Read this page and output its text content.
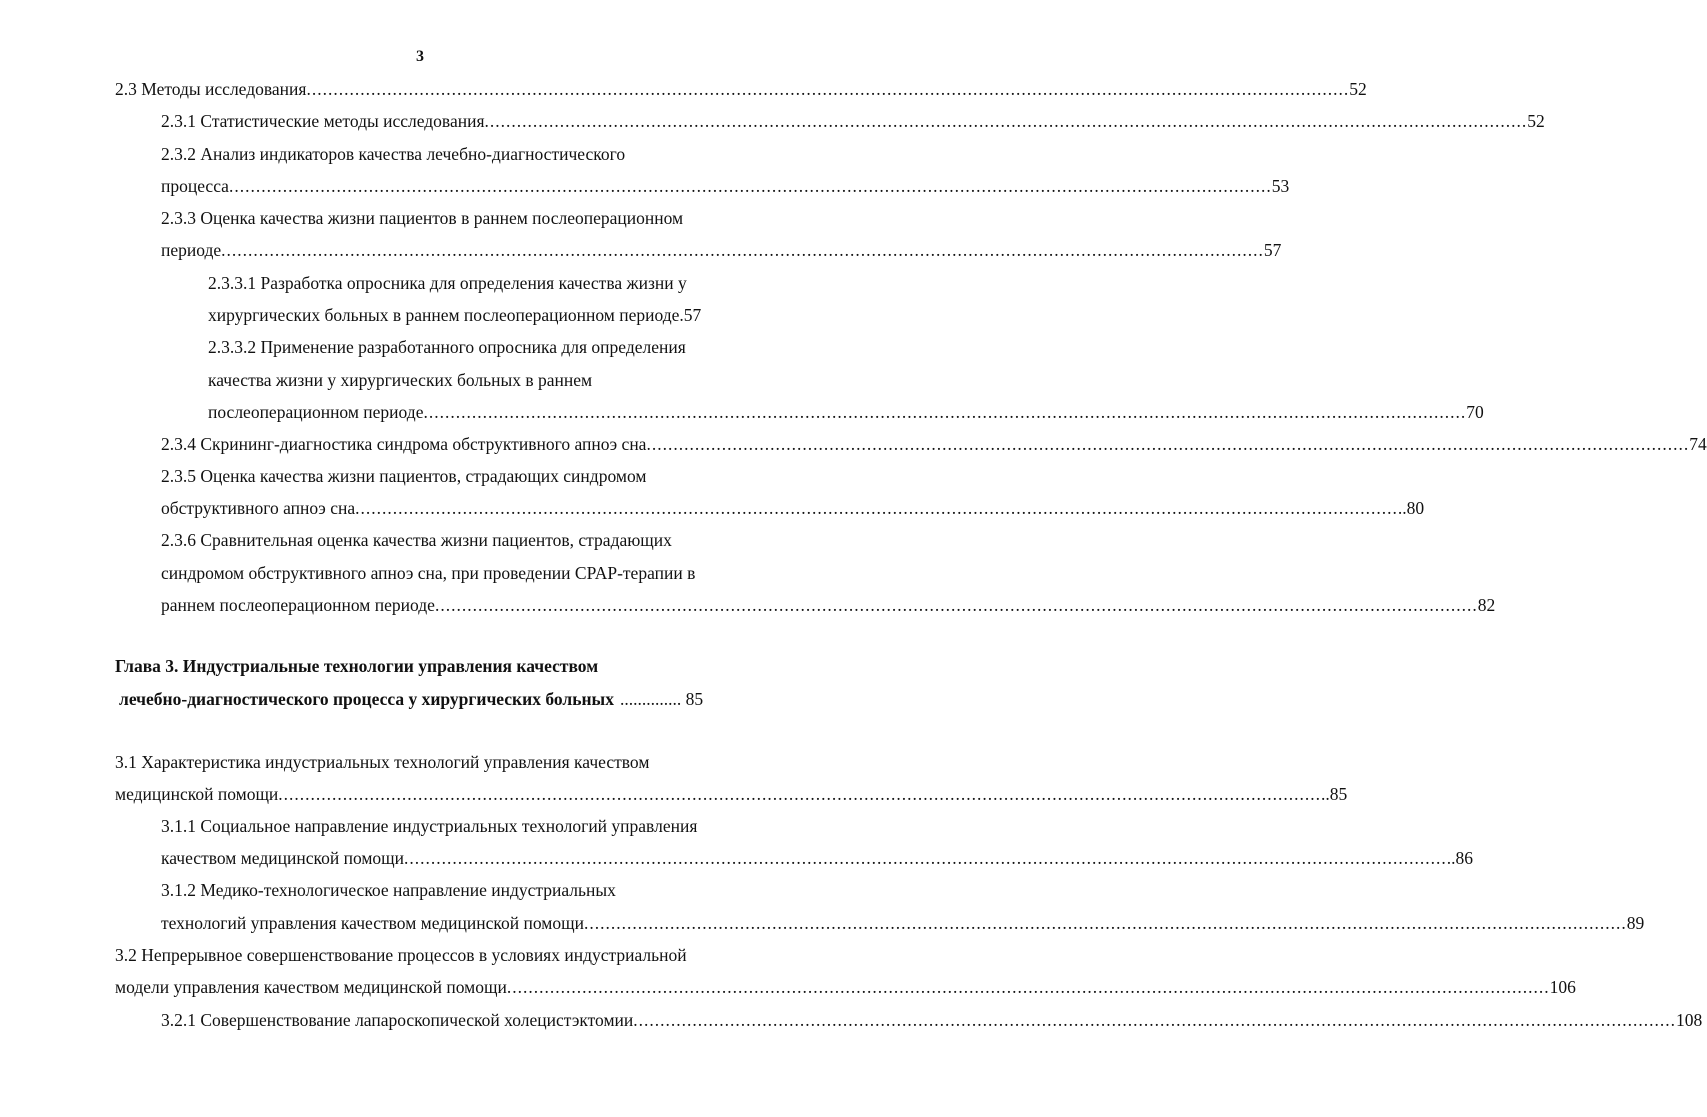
3
2.3 Методы исследования .................................................................................................................................................................................................. 52
2.3.1 Статистические методы исследования .................................................................................................................................................................................................. 52
2.3.2 Анализ индикаторов качества лечебно-диагностического
процесса .................................................................................................................................................................................................. 53
2.3.3 Оценка качества жизни пациентов в раннем послеоперационном
периоде .................................................................................................................................................................................................. 57
2.3.3.1 Разработка опросника для определения качества жизни у
хирургических больных в раннем послеоперационном периоде .57
2.3.3.2 Применение разработанного опросника для определения
качества жизни у хирургических больных в раннем
послеоперационном периоде .................................................................................................................................................................................................. 70
2.3.4 Скрининг-диагностика синдрома обструктивного апноэ сна .................................................................................................................................................................................................. 74
2.3.5 Оценка качества жизни пациентов, страдающих синдромом
обструктивного апноэ сна .................................................................................................................................................................................................. ..80
2.3.6 Сравнительная оценка качества жизни пациентов, страдающих
синдромом обструктивного апноэ сна, при проведении CPAP-терапии в
раннем послеоперационном периоде .................................................................................................................................................................................................. 82
Глава 3. Индустриальные технологии управления качеством
лечебно-диагностического процесса у хирургических больных .............. 85
3.1 Характеристика индустриальных технологий управления качеством
медицинской помощи .................................................................................................................................................................................................. ..85
3.1.1 Социальное направление индустриальных технологий управления
качеством медицинской помощи .................................................................................................................................................................................................. ..86
3.1.2 Медико-технологическое направление индустриальных
технологий управления качеством медицинской помощи .................................................................................................................................................................................................. 89
3.2 Непрерывное совершенствование процессов в условиях индустриальной
модели управления качеством медицинской помощи .................................................................................................................................................................................................. 106
3.2.1 Совершенствование лапароскопической холецистэктомии .................................................................................................................................................................................................. 108
